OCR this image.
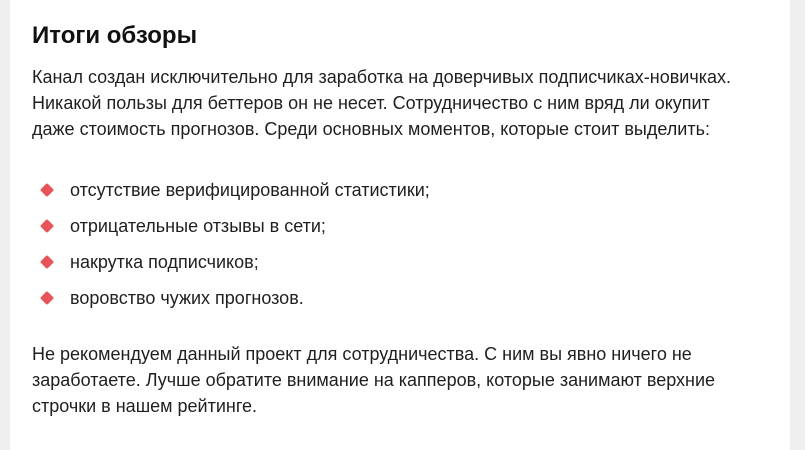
Итоги обзоры

Канал создан исключительно для заработка на доверчивых подписчиках-новичках.
Никакой пользы для беттеров он не несет. Сотрудничество с ним вряд ли окупит
даже стоимость прогнозов. Среди основных моментов, которые стоит выделить:

отсутствие верифицированной статистики;
отрицательные отзывы в сети;
накрутка подписчиков;
воровство чужих прогнозов.

Не рекомендуем данный проект для сотрудничества. С ним вы явно ничего не
заработаете. Лучше обратите внимание на капперов, которые занимают верхние
строчки в нашем рейтинге.
